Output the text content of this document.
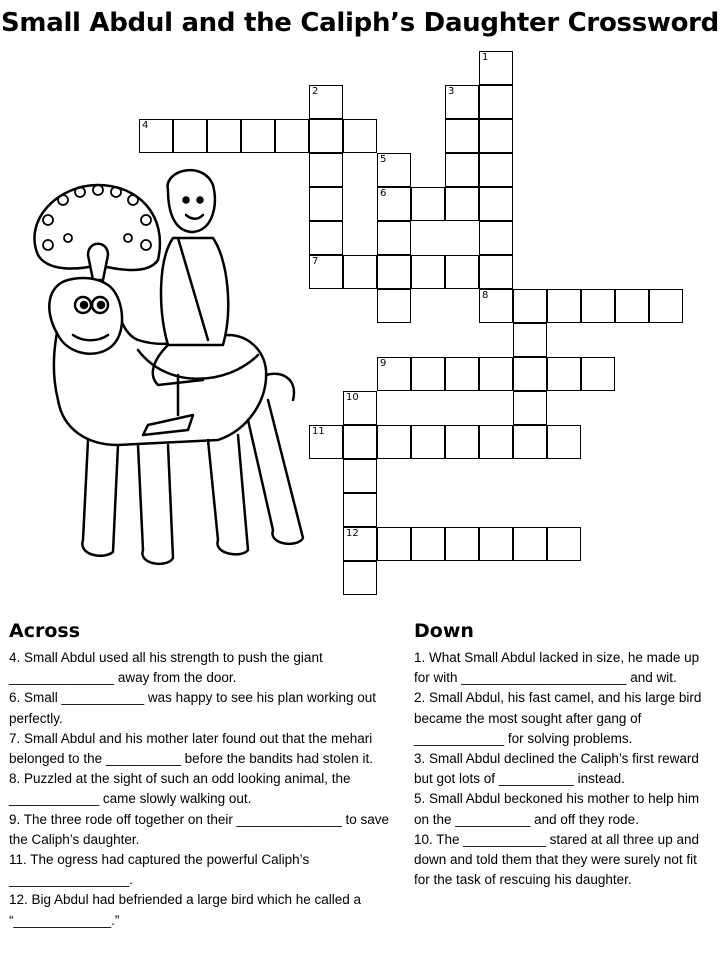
Small Abdul and the Caliph’s Daughter Crossword
1
2	3
4
5
6
7
8
9
10
11
12
Across

4. Small Abdul used all his strength to push the giant ______________ away from the door.

6. Small ___________ was happy to see his plan working out perfectly.

7. Small Abdul and his mother later found out that the mehari belonged to the __________ before the bandits had stolen it.

8. Puzzled at the sight of such an odd looking animal, the ____________ came slowly walking out.

9. The three rode off together on their ______________ to save the Caliph’s daughter.

11. The ogress had captured the powerful Caliph’s ________________.

12. Big Abdul had befriended a large bird which he called a “_____________.”

Down

1. What Small Abdul lacked in size, he made up for with ______________________ and wit.

2. Small Abdul, his fast camel, and his large bird became the most sought after gang of ____________ for solving problems.

3. Small Abdul declined the Caliph’s first reward but got lots of __________ instead.

5. Small Abdul beckoned his mother to help him on the __________ and off they rode.

10. The ___________ stared at all three up and down and told them that they were surely not fit for the task of rescuing his daughter.
